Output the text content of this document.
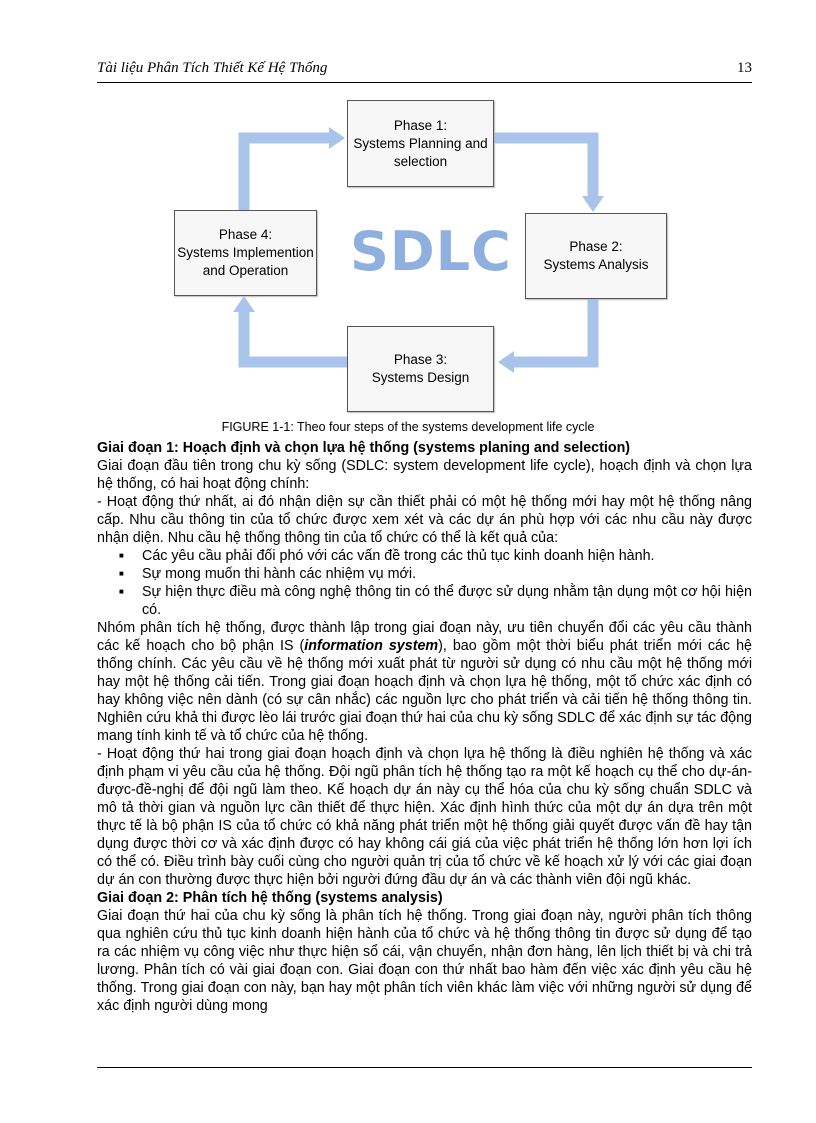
Tài liệu Phân Tích Thiết Kế Hệ Thống	13
SDLC
Phase 1:
Systems Planning and
selection
Phase 2:
Systems Analysis
Phase 3:
Systems Design
Phase 4:
Systems Implemention
and Operation
FIGURE 1-1: Theo four steps of the systems development life cycle
Giai đoạn 1: Hoạch định và chọn lựa hệ thống (systems planing and selection)

Giai đoạn đầu tiên trong chu kỳ sống (SDLC: system development life cycle), hoạch định và chọn lựa hệ thống, có hai hoạt động chính:

- Hoạt động thứ nhất, ai đó nhận diện sự cần thiết phải có một hệ thống mới hay một hệ thống nâng cấp. Nhu cầu thông tin của tổ chức được xem xét và các dự án phù hợp với các nhu cầu này được nhận diện. Nhu cầu hệ thống thông tin của tổ chức có thể là kết quả của:

■ Các yêu cầu phải đối phó với các vấn đề trong các thủ tục kinh doanh hiện hành.
■ Sự mong muốn thi hành các nhiệm vụ mới.
■ Sự hiện thực điều mà công nghệ thông tin có thể được sử dụng nhằm tận dụng một cơ hội hiện có.

Nhóm phân tích hệ thống, được thành lập trong giai đoạn này, ưu tiên chuyển đổi các yêu cầu thành các kế hoạch cho bộ phận IS (information system), bao gồm một thời biểu phát triển mới các hệ thống chính. Các yêu cầu về hệ thống mới xuất phát từ người sử dụng có nhu cầu một hệ thống mới hay một hệ thống cải tiến. Trong giai đoạn hoạch định và chọn lựa hệ thống, một tổ chức xác định có hay không việc nên dành (có sự cân nhắc) các nguồn lực cho phát triển và cải tiến hệ thống thông tin. Nghiên cứu khả thi được lèo lái trước giai đoạn thứ hai của chu kỳ sống SDLC để xác định sự tác động mang tính kinh tế và tổ chức của hệ thống.

- Hoạt động thứ hai trong giai đoạn hoạch định và chọn lựa hệ thống là điều nghiên hệ thống và xác định phạm vi yêu cầu của hệ thống. Đội ngũ phân tích hệ thống tạo ra một kế hoạch cụ thể cho dự-án-được-đề-nghị để đội ngũ làm theo. Kế hoạch dự án này cụ thể hóa của chu kỳ sống chuẩn SDLC và mô tả thời gian và nguồn lực cần thiết để thực hiện. Xác định hình thức của một dự án dựa trên một thực tế là bộ phận IS của tổ chức có khả năng phát triển một hệ thống giải quyết được vấn đề hay tận dụng được thời cơ và xác định được có hay không cái giá của việc phát triển hệ thống lớn hơn lợi ích có thể có. Điều trình bày cuối cùng cho người quản trị của tổ chức về kế hoạch xử lý với các giai đoạn dự án con thường được thực hiện bởi người đứng đầu dự án và các thành viên đội ngũ khác.

Giai đoạn 2: Phân tích hệ thống (systems analysis)

Giai đoạn thứ hai của chu kỳ sống là phân tích hệ thống. Trong giai đoạn này, người phân tích thông qua nghiên cứu thủ tục kinh doanh hiện hành của tổ chức và hệ thống thông tin được sử dụng để tạo ra các nhiệm vụ công việc như thực hiện sổ cái, vận chuyển, nhận đơn hàng, lên lịch thiết bị và chi trả lương. Phân tích có vài giai đoạn con. Giai đoạn con thứ nhất bao hàm đến việc xác định yêu cầu hệ thống. Trong giai đoạn con này, bạn hay một phân tích viên khác làm việc với những người sử dụng để xác định người dùng mong
